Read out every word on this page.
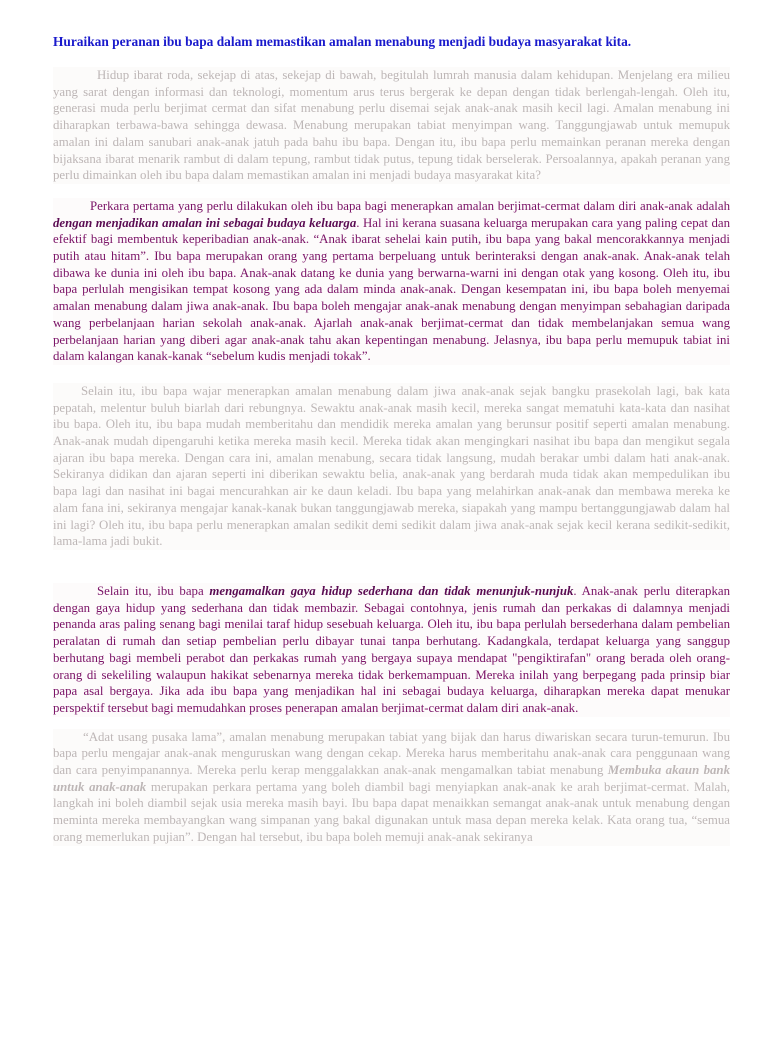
Huraikan peranan ibu bapa dalam memastikan amalan menabung menjadi budaya masyarakat kita.

Hidup ibarat roda, sekejap di atas, sekejap di bawah, begitulah lumrah manusia dalam kehidupan. Menjelang era milieu yang sarat dengan informasi dan teknologi, momentum arus terus bergerak ke depan dengan tidak berlengah-lengah. Oleh itu, generasi muda perlu berjimat cermat dan sifat menabung perlu disemai sejak anak-anak masih kecil lagi. Amalan menabung ini diharapkan terbawa-bawa sehingga dewasa. Menabung merupakan tabiat menyimpan wang. Tanggungjawab untuk memupuk amalan ini dalam sanubari anak-anak jatuh pada bahu ibu bapa. Dengan itu, ibu bapa perlu memainkan peranan mereka dengan bijaksana ibarat menarik rambut di dalam tepung, rambut tidak putus, tepung tidak berselerak. Persoalannya, apakah peranan yang perlu dimainkan oleh ibu bapa dalam memastikan amalan ini menjadi budaya masyarakat kita?

Perkara pertama yang perlu dilakukan oleh ibu bapa bagi menerapkan amalan berjimat-cermat dalam diri anak-anak adalah dengan menjadikan amalan ini sebagai budaya keluarga. Hal ini kerana suasana keluarga merupakan cara yang paling cepat dan efektif bagi membentuk keperibadian anak-anak. “Anak ibarat sehelai kain putih, ibu bapa yang bakal mencorakkannya menjadi putih atau hitam”. Ibu bapa merupakan orang yang pertama berpeluang untuk berinteraksi dengan anak-anak. Anak-anak telah dibawa ke dunia ini oleh ibu bapa. Anak-anak datang ke dunia yang berwarna-warni ini dengan otak yang kosong. Oleh itu, ibu bapa perlulah mengisikan tempat kosong yang ada dalam minda anak-anak. Dengan kesempatan ini, ibu bapa boleh menyemai amalan menabung dalam jiwa anak-anak. Ibu bapa boleh mengajar anak-anak menabung dengan menyimpan sebahagian daripada wang perbelanjaan harian sekolah anak-anak. Ajarlah anak-anak berjimat-cermat dan tidak membelanjakan semua wang perbelanjaan harian yang diberi agar anak-anak tahu akan kepentingan menabung. Jelasnya, ibu bapa perlu memupuk tabiat ini dalam kalangan kanak-kanak “sebelum kudis menjadi tokak”.

Selain itu, ibu bapa wajar menerapkan amalan menabung dalam jiwa anak-anak sejak bangku prasekolah lagi, bak kata pepatah, melentur buluh biarlah dari rebungnya. Sewaktu anak-anak masih kecil, mereka sangat mematuhi kata-kata dan nasihat ibu bapa. Oleh itu, ibu bapa mudah memberitahu dan mendidik mereka amalan yang berunsur positif seperti amalan menabung. Anak-anak mudah dipengaruhi ketika mereka masih kecil. Mereka tidak akan mengingkari nasihat ibu bapa dan mengikut segala ajaran ibu bapa mereka. Dengan cara ini, amalan menabung, secara tidak langsung, mudah berakar umbi dalam hati anak-anak. Sekiranya didikan dan ajaran seperti ini diberikan sewaktu belia, anak-anak yang berdarah muda tidak akan mempedulikan ibu bapa lagi dan nasihat ini bagai mencurahkan air ke daun keladi. Ibu bapa yang melahirkan anak-anak dan membawa mereka ke alam fana ini, sekiranya mengajar kanak-kanak bukan tanggungjawab mereka, siapakah yang mampu bertanggungjawab dalam hal ini lagi? Oleh itu, ibu bapa perlu menerapkan amalan sedikit demi sedikit dalam jiwa anak-anak sejak kecil kerana sedikit-sedikit, lama-lama jadi bukit.

Selain itu, ibu bapa mengamalkan gaya hidup sederhana dan tidak menunjuk-nunjuk. Anak-anak perlu diterapkan dengan gaya hidup yang sederhana dan tidak membazir. Sebagai contohnya, jenis rumah dan perkakas di dalamnya menjadi penanda aras paling senang bagi menilai taraf hidup sesebuah keluarga. Oleh itu, ibu bapa perlulah bersederhana dalam pembelian peralatan di rumah dan setiap pembelian perlu dibayar tunai tanpa berhutang. Kadangkala, terdapat keluarga yang sanggup berhutang bagi membeli perabot dan perkakas rumah yang bergaya supaya mendapat "pengiktirafan" orang berada oleh orang-orang di sekeliling walaupun hakikat sebenarnya mereka tidak berkemampuan. Mereka inilah yang berpegang pada prinsip biar papa asal bergaya. Jika ada ibu bapa yang menjadikan hal ini sebagai budaya keluarga, diharapkan mereka dapat menukar perspektif tersebut bagi memudahkan proses penerapan amalan berjimat-cermat dalam diri anak-anak.

“Adat usang pusaka lama”, amalan menabung merupakan tabiat yang bijak dan harus diwariskan secara turun-temurun. Ibu bapa perlu mengajar anak-anak menguruskan wang dengan cekap. Mereka harus memberitahu anak-anak cara penggunaan wang dan cara penyimpanannya. Mereka perlu kerap menggalakkan anak-anak mengamalkan tabiat menabung Membuka akaun bank untuk anak-anak merupakan perkara pertama yang boleh diambil bagi menyiapkan anak-anak ke arah berjimat-cermat. Malah, langkah ini boleh diambil sejak usia mereka masih bayi. Ibu bapa dapat menaikkan semangat anak-anak untuk menabung dengan meminta mereka membayangkan wang simpanan yang bakal digunakan untuk masa depan mereka kelak. Kata orang tua, “semua orang memerlukan pujian”. Dengan hal tersebut, ibu bapa boleh memuji anak-anak sekiranya
